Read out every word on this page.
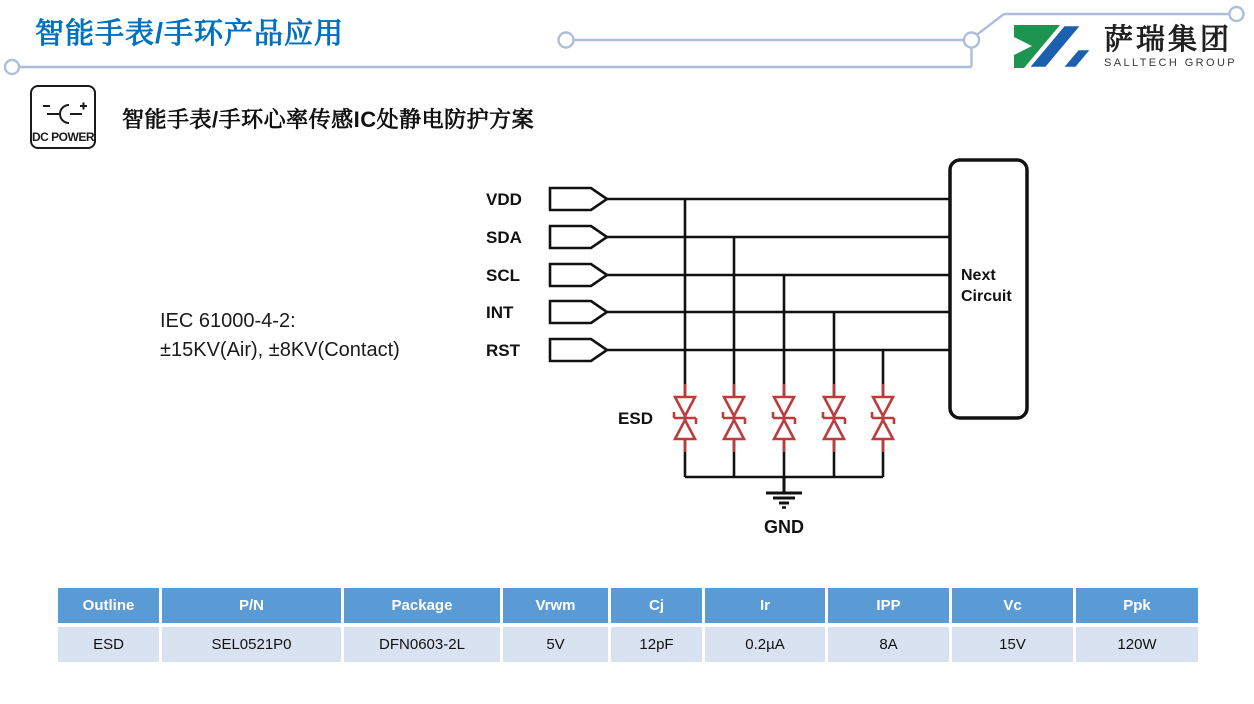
智能手表/手环产品应用	萨瑞集团
SALLTECH GROUP
DC POWER
智能手表/手环心率传感IC处静电防护方案
IEC 61000-4-2:
±15KV(Air), ±8KV(Contact)
VDD
SDA
SCL
INT
RST
ESD
GND
Next
Circuit
Outline	P/N	Package	Vrwm	Cj	Ir	IPP	Vc	Ppk
ESD	SEL0521P0	DFN0603-2L	5V	12pF	0.2µA	8A	15V	120W
